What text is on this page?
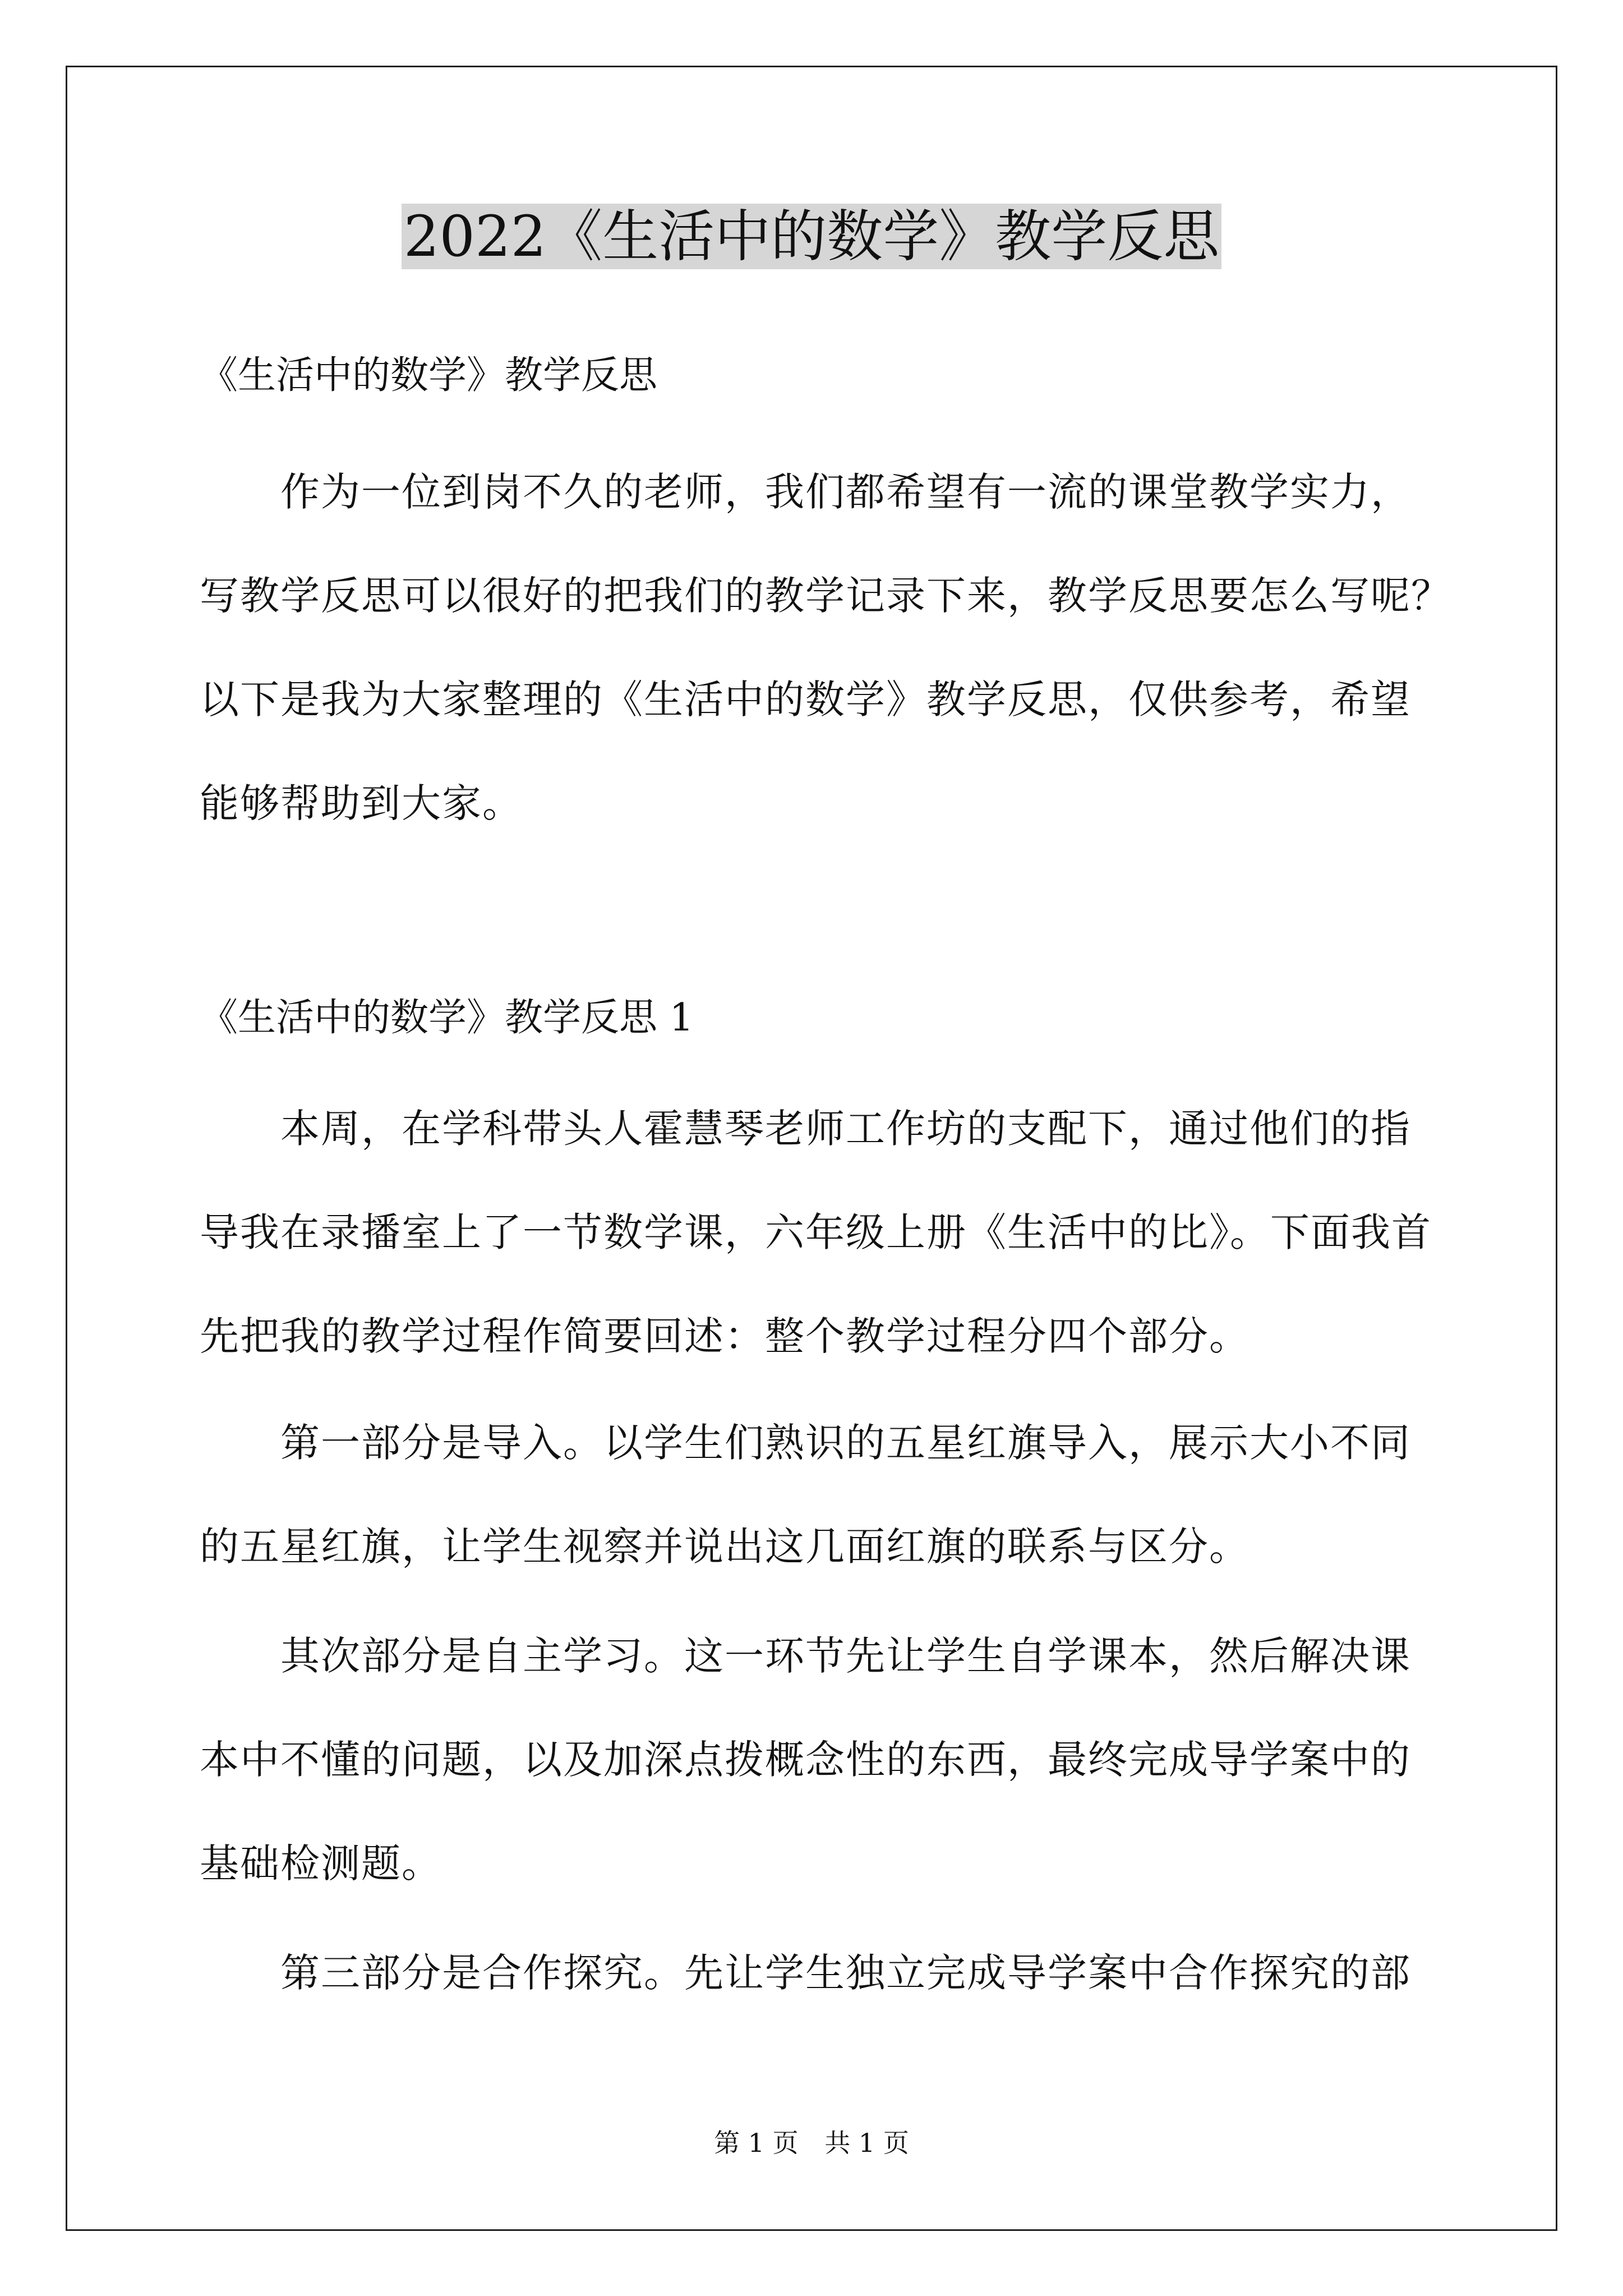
2022《生活中的数学》教学反思

《生活中的数学》教学反思

　　作为一位到岗不久的老师，我们都希望有一流的课堂教学实力，

写教学反思可以很好的把我们的教学记录下来，教学反思要怎么写呢？

以下是我为大家整理的《生活中的数学》教学反思，仅供参考，希望

能够帮助到大家。

《生活中的数学》教学反思 1

　　本周，在学科带头人霍慧琴老师工作坊的支配下，通过他们的指

导我在录播室上了一节数学课，六年级上册《生活中的比》。下面我首

先把我的教学过程作简要回述：整个教学过程分四个部分。

　　第一部分是导入。以学生们熟识的五星红旗导入，展示大小不同

的五星红旗，让学生视察并说出这几面红旗的联系与区分。

　　其次部分是自主学习。这一环节先让学生自学课本，然后解决课

本中不懂的问题，以及加深点拨概念性的东西，最终完成导学案中的

基础检测题。

　　第三部分是合作探究。先让学生独立完成导学案中合作探究的部

第 1 页 共 1 页
